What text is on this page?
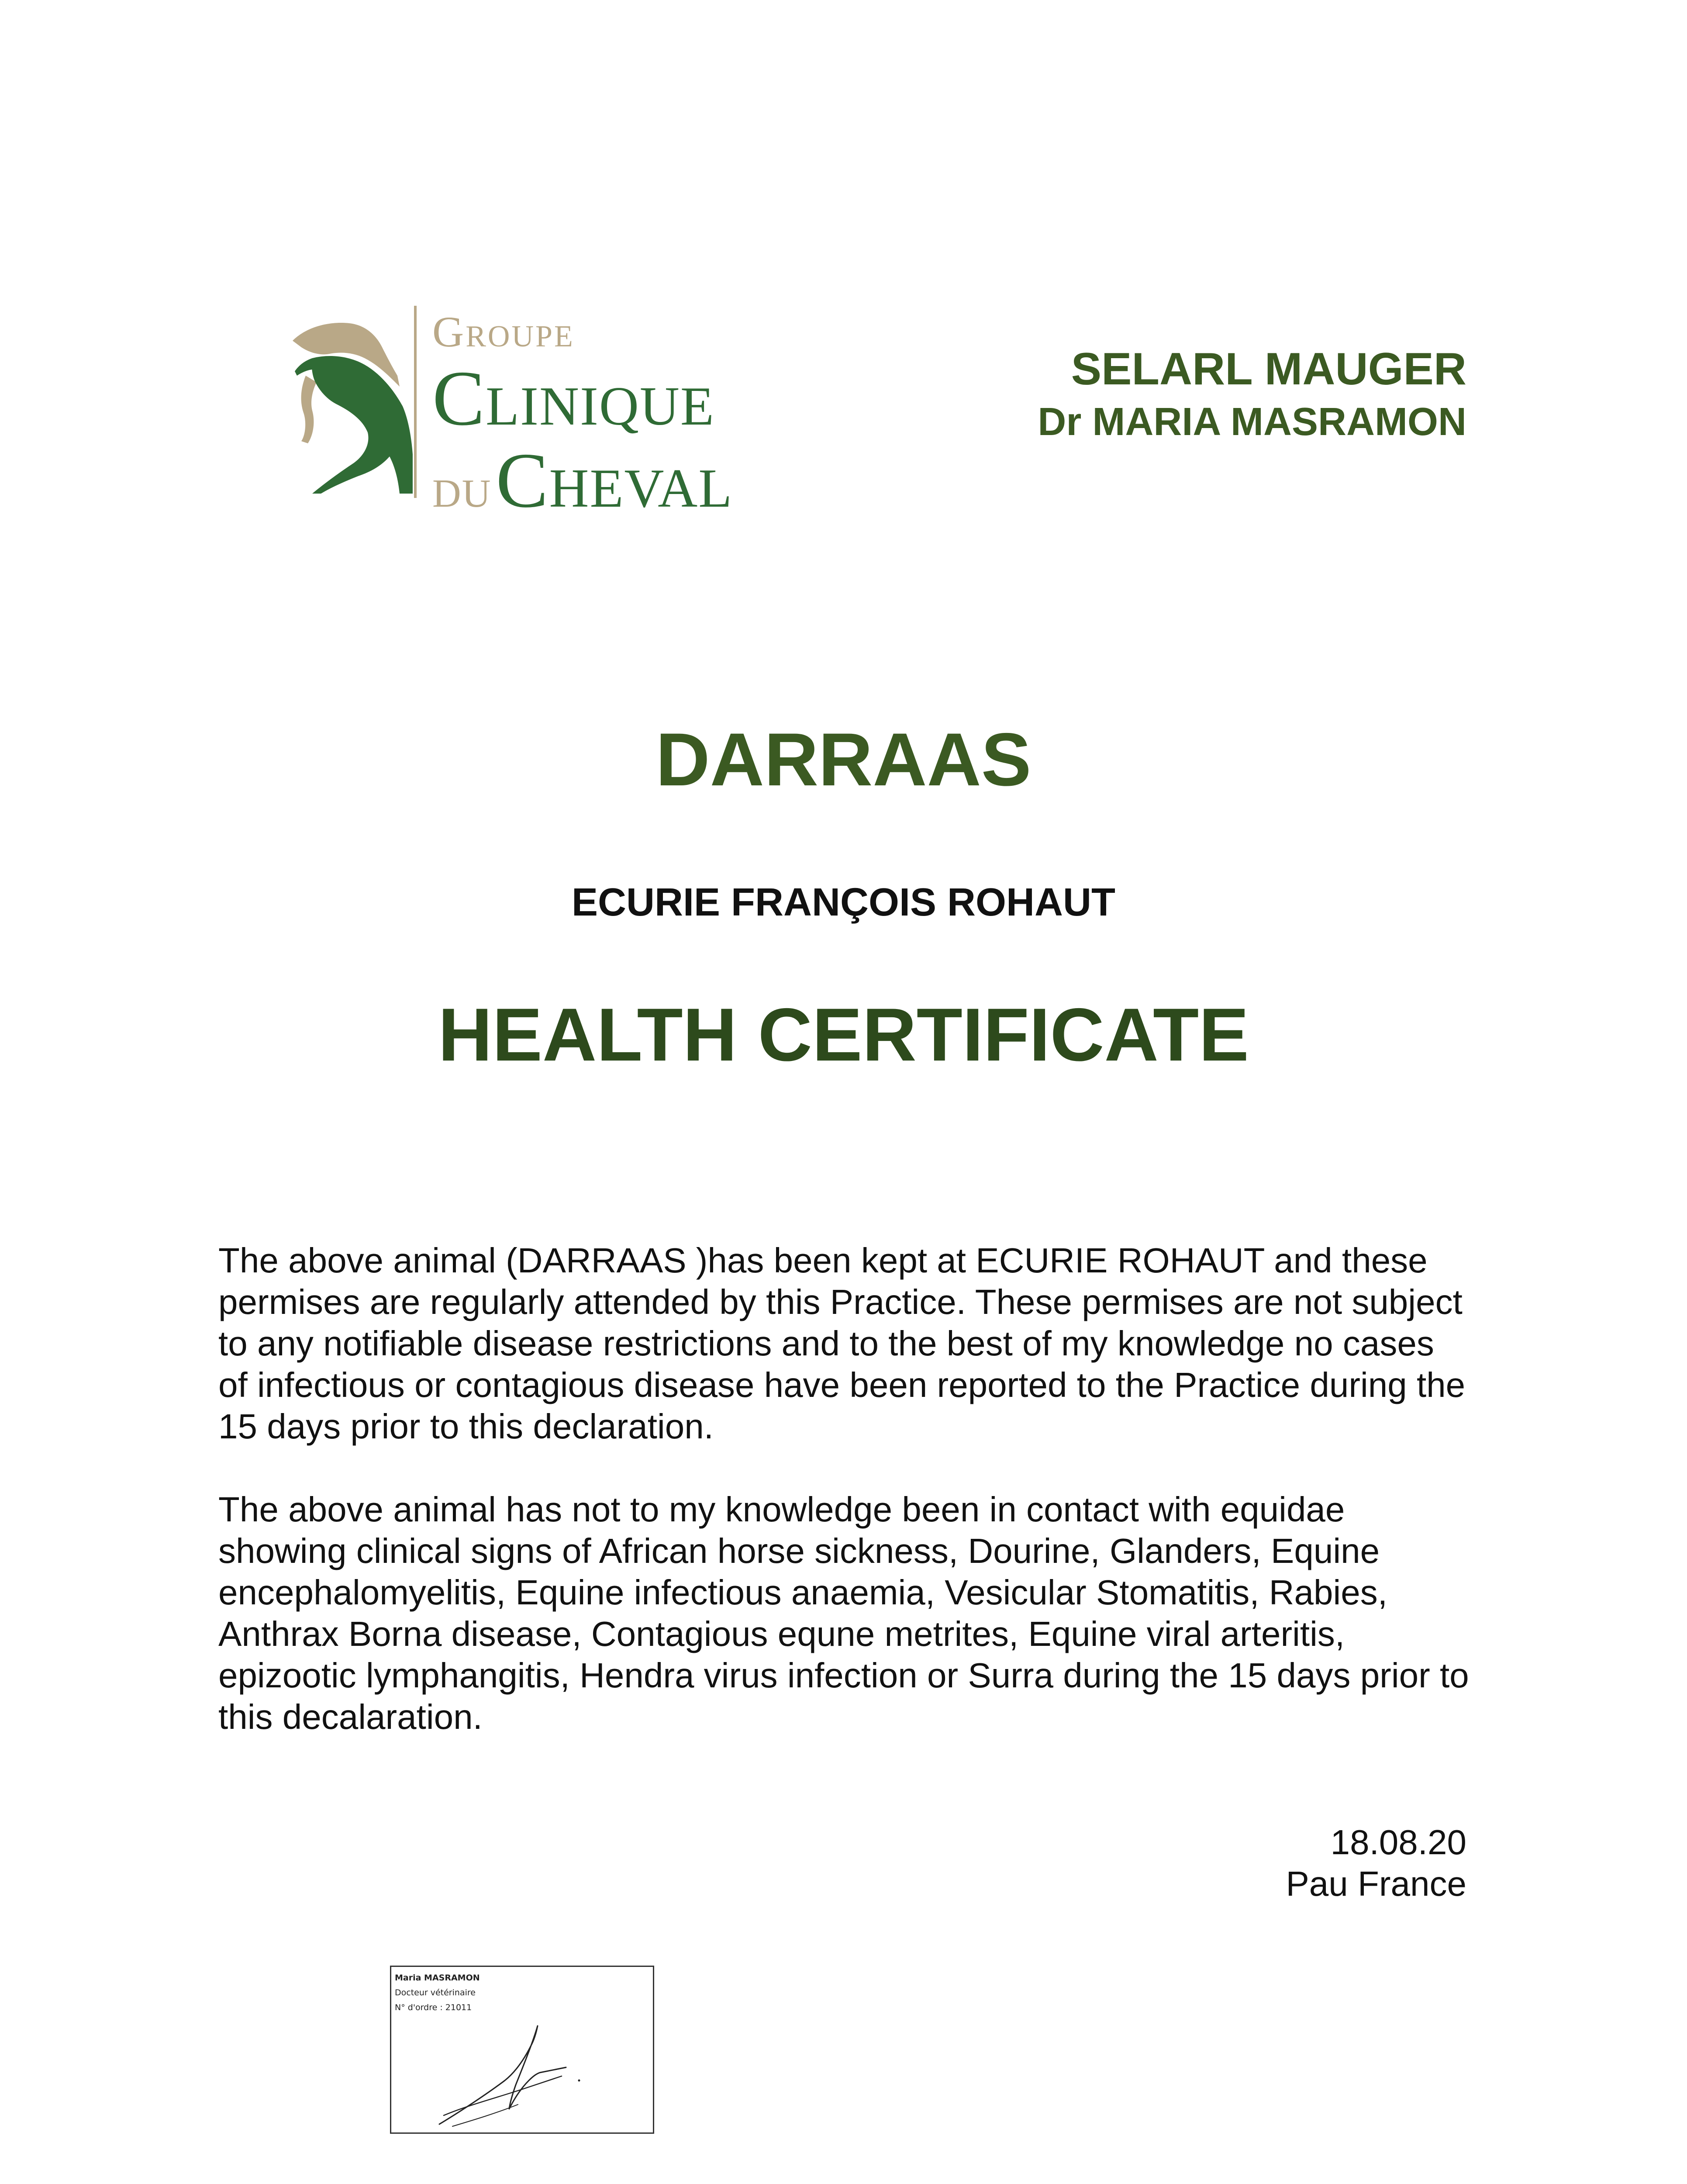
Groupe
Clinique
duCheval
SELARL MAUGER
Dr MARIA MASRAMON
DARRAAS
ECURIE FRANÇOIS ROHAUT
HEALTH CERTIFICATE

The above animal (DARRAAS )has been kept at ECURIE ROHAUT and these permises are regularly attended by this Practice. These permises are not subject to any notifiable disease restrictions and to the best of my knowledge no cases of infectious or contagious disease have been reported to the Practice during the 15 days prior to this declaration.

The above animal has not to my knowledge been in contact with equidae showing clinical signs of African horse sickness, Dourine, Glanders, Equine encephalomyelitis, Equine infectious anaemia, Vesicular Stomatitis, Rabies, Anthrax Borna disease, Contagious equne metrites, Equine viral arteritis, epizootic lymphangitis, Hendra virus infection or Surra during the 15 days prior to this decalaration.

18.08.20
Pau France
Maria MASRAMON
Docteur vétérinaire
N° d'ordre : 21011
